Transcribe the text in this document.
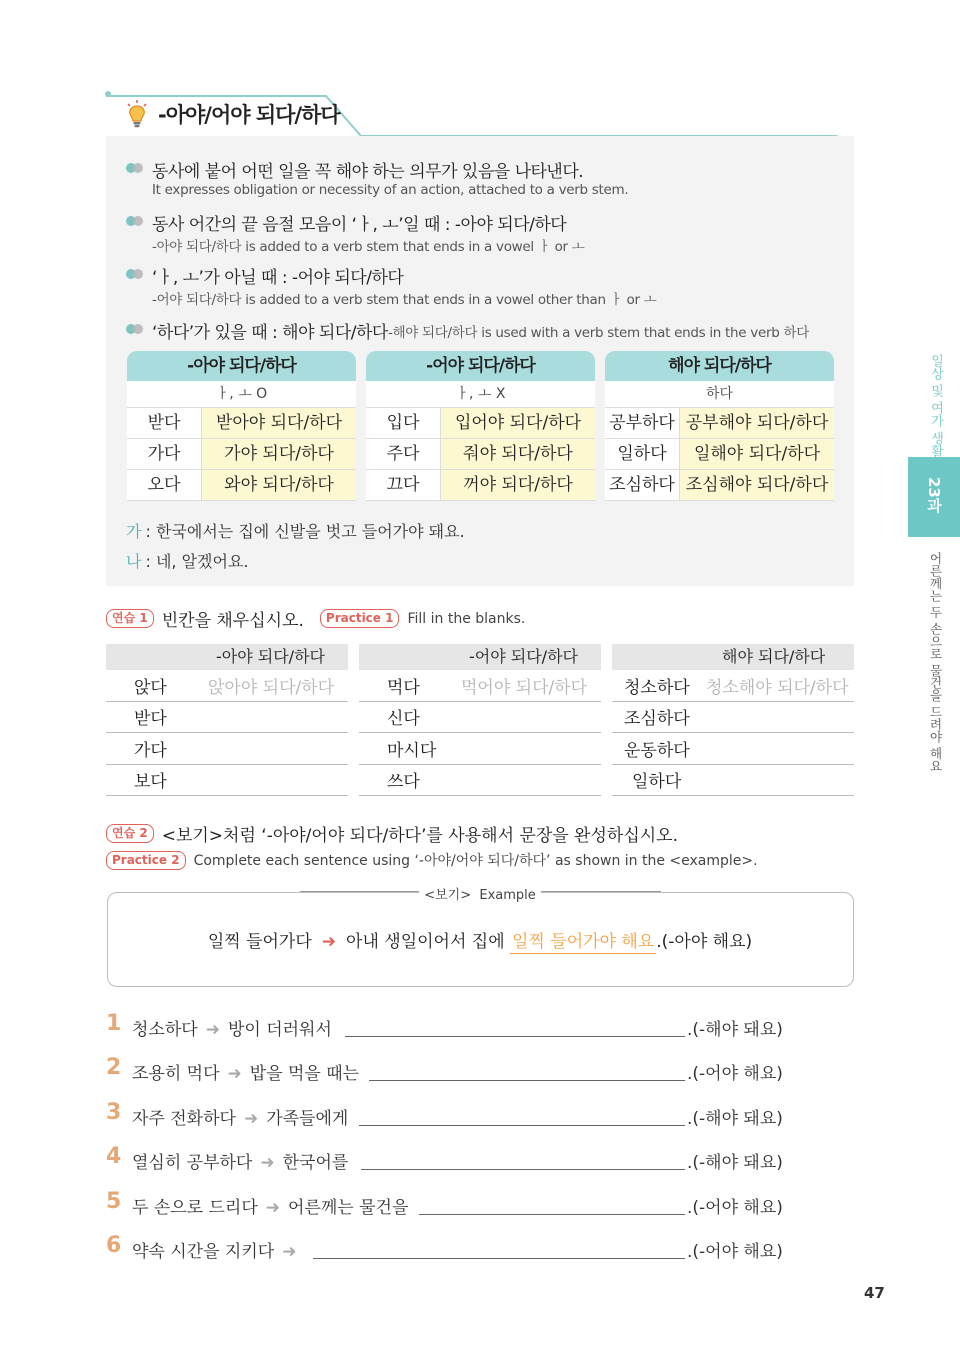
-아야/어야 되다/하다
동사에 붙어 어떤 일을 꼭 해야 하는 의무가 있음을 나타낸다.
It expresses obligation or necessity of an action, attached to a verb stem.
동사 어간의 끝 음절 모음이 ‘ㅏ, ㅗ’일 때 : -아야 되다/하다
-아야 되다/하다 is added to a verb stem that ends in a vowel ㅏ or ㅗ
‘ㅏ, ㅗ’가 아닐 때 : -어야 되다/하다
-어야 되다/하다 is added to a verb stem that ends in a vowel other than ㅏ or ㅗ
‘하다’가 있을 때 : 해야 되다/하다 -해야 되다/하다 is used with a verb stem that ends in the verb 하다
-아야 되다/하다
ㅏ, ㅗ O
받다	받아야 되다/하다
가다	가야 되다/하다
오다	와야 되다/하다
-어야 되다/하다
ㅏ, ㅗ X
입다	입어야 되다/하다
주다	줘야 되다/하다
끄다	꺼야 되다/하다
해야 되다/하다
하다
공부하다 공부해야 되다/하다
일하다	일해야 되다/하다
조심하다 조심해야 되다/하다
가 : 한국에서는 집에 신발을 벗고 들어가야 돼요.
나 : 네, 알겠어요.
연습 1 빈칸을 채우십시오.	Practice 1	Fill in the blanks.
-아야 되다/하다
앉다	앉아야 되다/하다
받다
가다
보다
-어야 되다/하다
먹다	먹어야 되다/하다
신다
마시다
쓰다
해야 되다/하다
청소하다 청소해야 되다/하다
조심하다
운동하다
일하다
연습 2 <보기>처럼 ‘-아야/어야 되다/하다’를 사용해서 문장을 완성하십시오.
Practice 2	Complete each sentence using ‘-아야/어야 되다/하다’ as shown in the <example>.
<보기> Example
일찍 들어가다 ➜ 아내 생일이어서 집에 일찍 들어가야 해요 .(-아야 해요)
1 청소하다 ➜ 방이 더러워서	.(-해야 돼요)
2 조용히 먹다 ➜ 밥을 먹을 때는	.(-어야 해요)
3 자주 전화하다 ➜ 가족들에게	.(-해야 돼요)
4 열심히 공부하다 ➜ 한국어를	.(-해야 돼요)
5 두 손으로 드리다 ➜ 어른께는 물건을	.(-어야 해요)
6 약속 시간을 지키다 ➜	.(-어야 해요)
일상 및 여가 생활
23과
어른께는 두 손으로 물건을 드려야 해요
47
